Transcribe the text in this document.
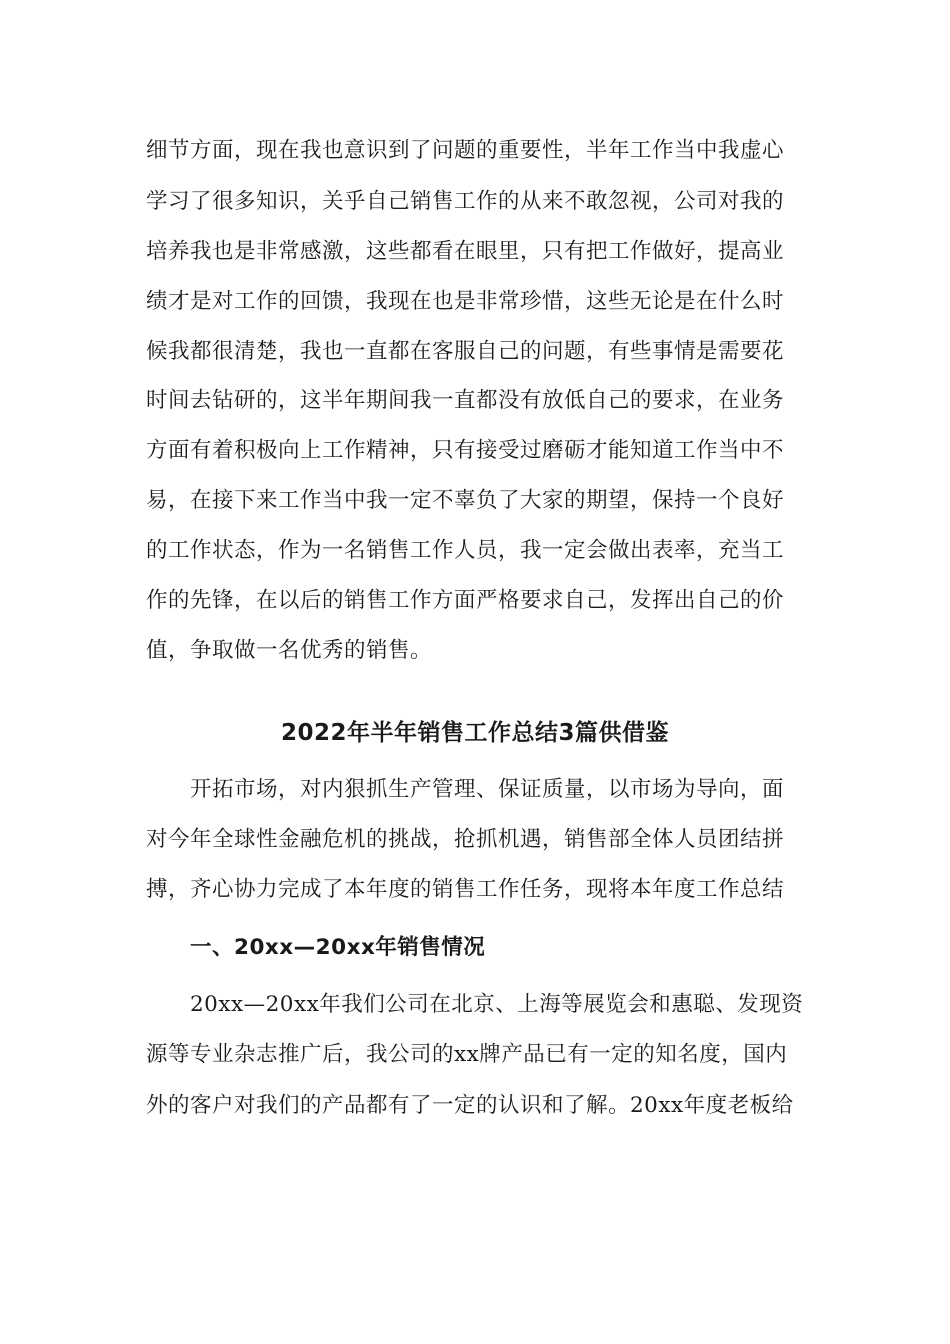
细节方面，现在我也意识到了问题的重要性，半年工作当中我虚心
学习了很多知识，关乎自己销售工作的从来不敢忽视，公司对我的
培养我也是非常感激，这些都看在眼里，只有把工作做好，提高业
绩才是对工作的回馈，我现在也是非常珍惜，这些无论是在什么时
候我都很清楚，我也一直都在客服自己的问题，有些事情是需要花
时间去钻研的，这半年期间我一直都没有放低自己的要求，在业务
方面有着积极向上工作精神，只有接受过磨砺才能知道工作当中不
易，在接下来工作当中我一定不辜负了大家的期望，保持一个良好
的工作状态，作为一名销售工作人员，我一定会做出表率，充当工
作的先锋，在以后的销售工作方面严格要求自己，发挥出自己的价
值，争取做一名优秀的销售。
2022年半年销售工作总结3篇供借鉴
开拓市场，对内狠抓生产管理、保证质量，以市场为导向，面
对今年全球性金融危机的挑战，抢抓机遇，销售部全体人员团结拼
搏，齐心协力完成了本年度的销售工作任务，现将本年度工作总结
一、20xx—20xx年销售情况
20xx—20xx年我们公司在北京、上海等展览会和惠聪、发现资
源等专业杂志推广后，我公司的xx牌产品已有一定的知名度，国内
外的客户对我们的产品都有了一定的认识和了解。20xx年度老板给
